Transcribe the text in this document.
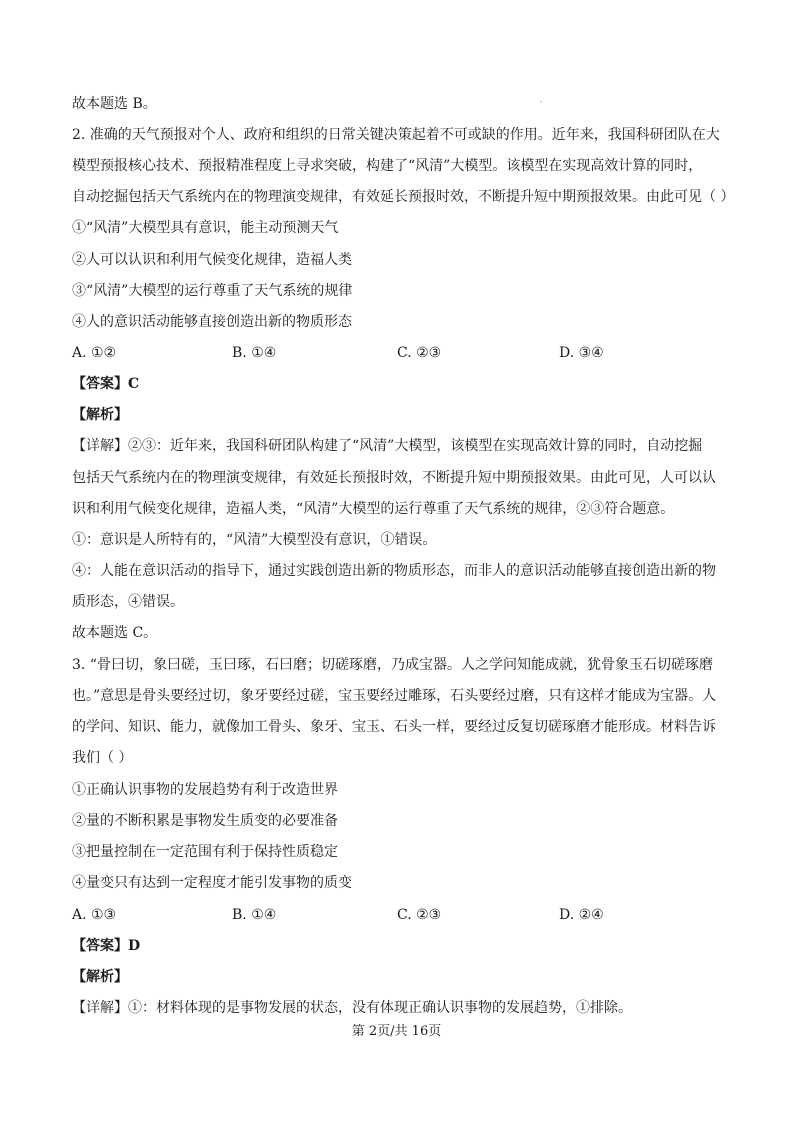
故本题选 B。
2. 准确的天气预报对个人、政府和组织的日常关键决策起着不可或缺的作用。近年来，我国科研团队在大
模型预报核心技术、预报精准程度上寻求突破，构建了“风清”大模型。该模型在实现高效计算的同时，
自动挖掘包括天气系统内在的物理演变规律，有效延长预报时效，不断提升短中期预报效果。由此可见（ ）
①“风清”大模型具有意识，能主动预测天气
②人可以认识和利用气候变化规律，造福人类
③“风清”大模型的运行尊重了天气系统的规律
④人的意识活动能够直接创造出新的物质形态
A. ①②	B. ①④	C. ②③	D. ③④
【答案】C
【解析】
【详解】②③：近年来，我国科研团队构建了“风清”大模型，该模型在实现高效计算的同时，自动挖掘
包括天气系统内在的物理演变规律，有效延长预报时效，不断提升短中期预报效果。由此可见，人可以认
识和利用气候变化规律，造福人类，“风清”大模型的运行尊重了天气系统的规律，②③符合题意。
①：意识是人所特有的，“风清”大模型没有意识，①错误。
④：人能在意识活动的指导下，通过实践创造出新的物质形态，而非人的意识活动能够直接创造出新的物
质形态，④错误。
故本题选 C。
3. “骨曰切，象曰磋，玉曰琢，石曰磨；切磋琢磨，乃成宝器。人之学问知能成就，犹骨象玉石切磋琢磨
也。”意思是骨头要经过切，象牙要经过磋，宝玉要经过雕琢，石头要经过磨，只有这样才能成为宝器。人
的学问、知识、能力，就像加工骨头、象牙、宝玉、石头一样，要经过反复切磋琢磨才能形成。材料告诉
我们（ ）
①正确认识事物的发展趋势有利于改造世界
②量的不断积累是事物发生质变的必要准备
③把量控制在一定范围有利于保持性质稳定
④量变只有达到一定程度才能引发事物的质变
A. ①③	B. ①④	C. ②③	D. ②④
【答案】D
【解析】
【详解】①：材料体现的是事物发展的状态，没有体现正确认识事物的发展趋势，①排除。
第 2页/共 16页
